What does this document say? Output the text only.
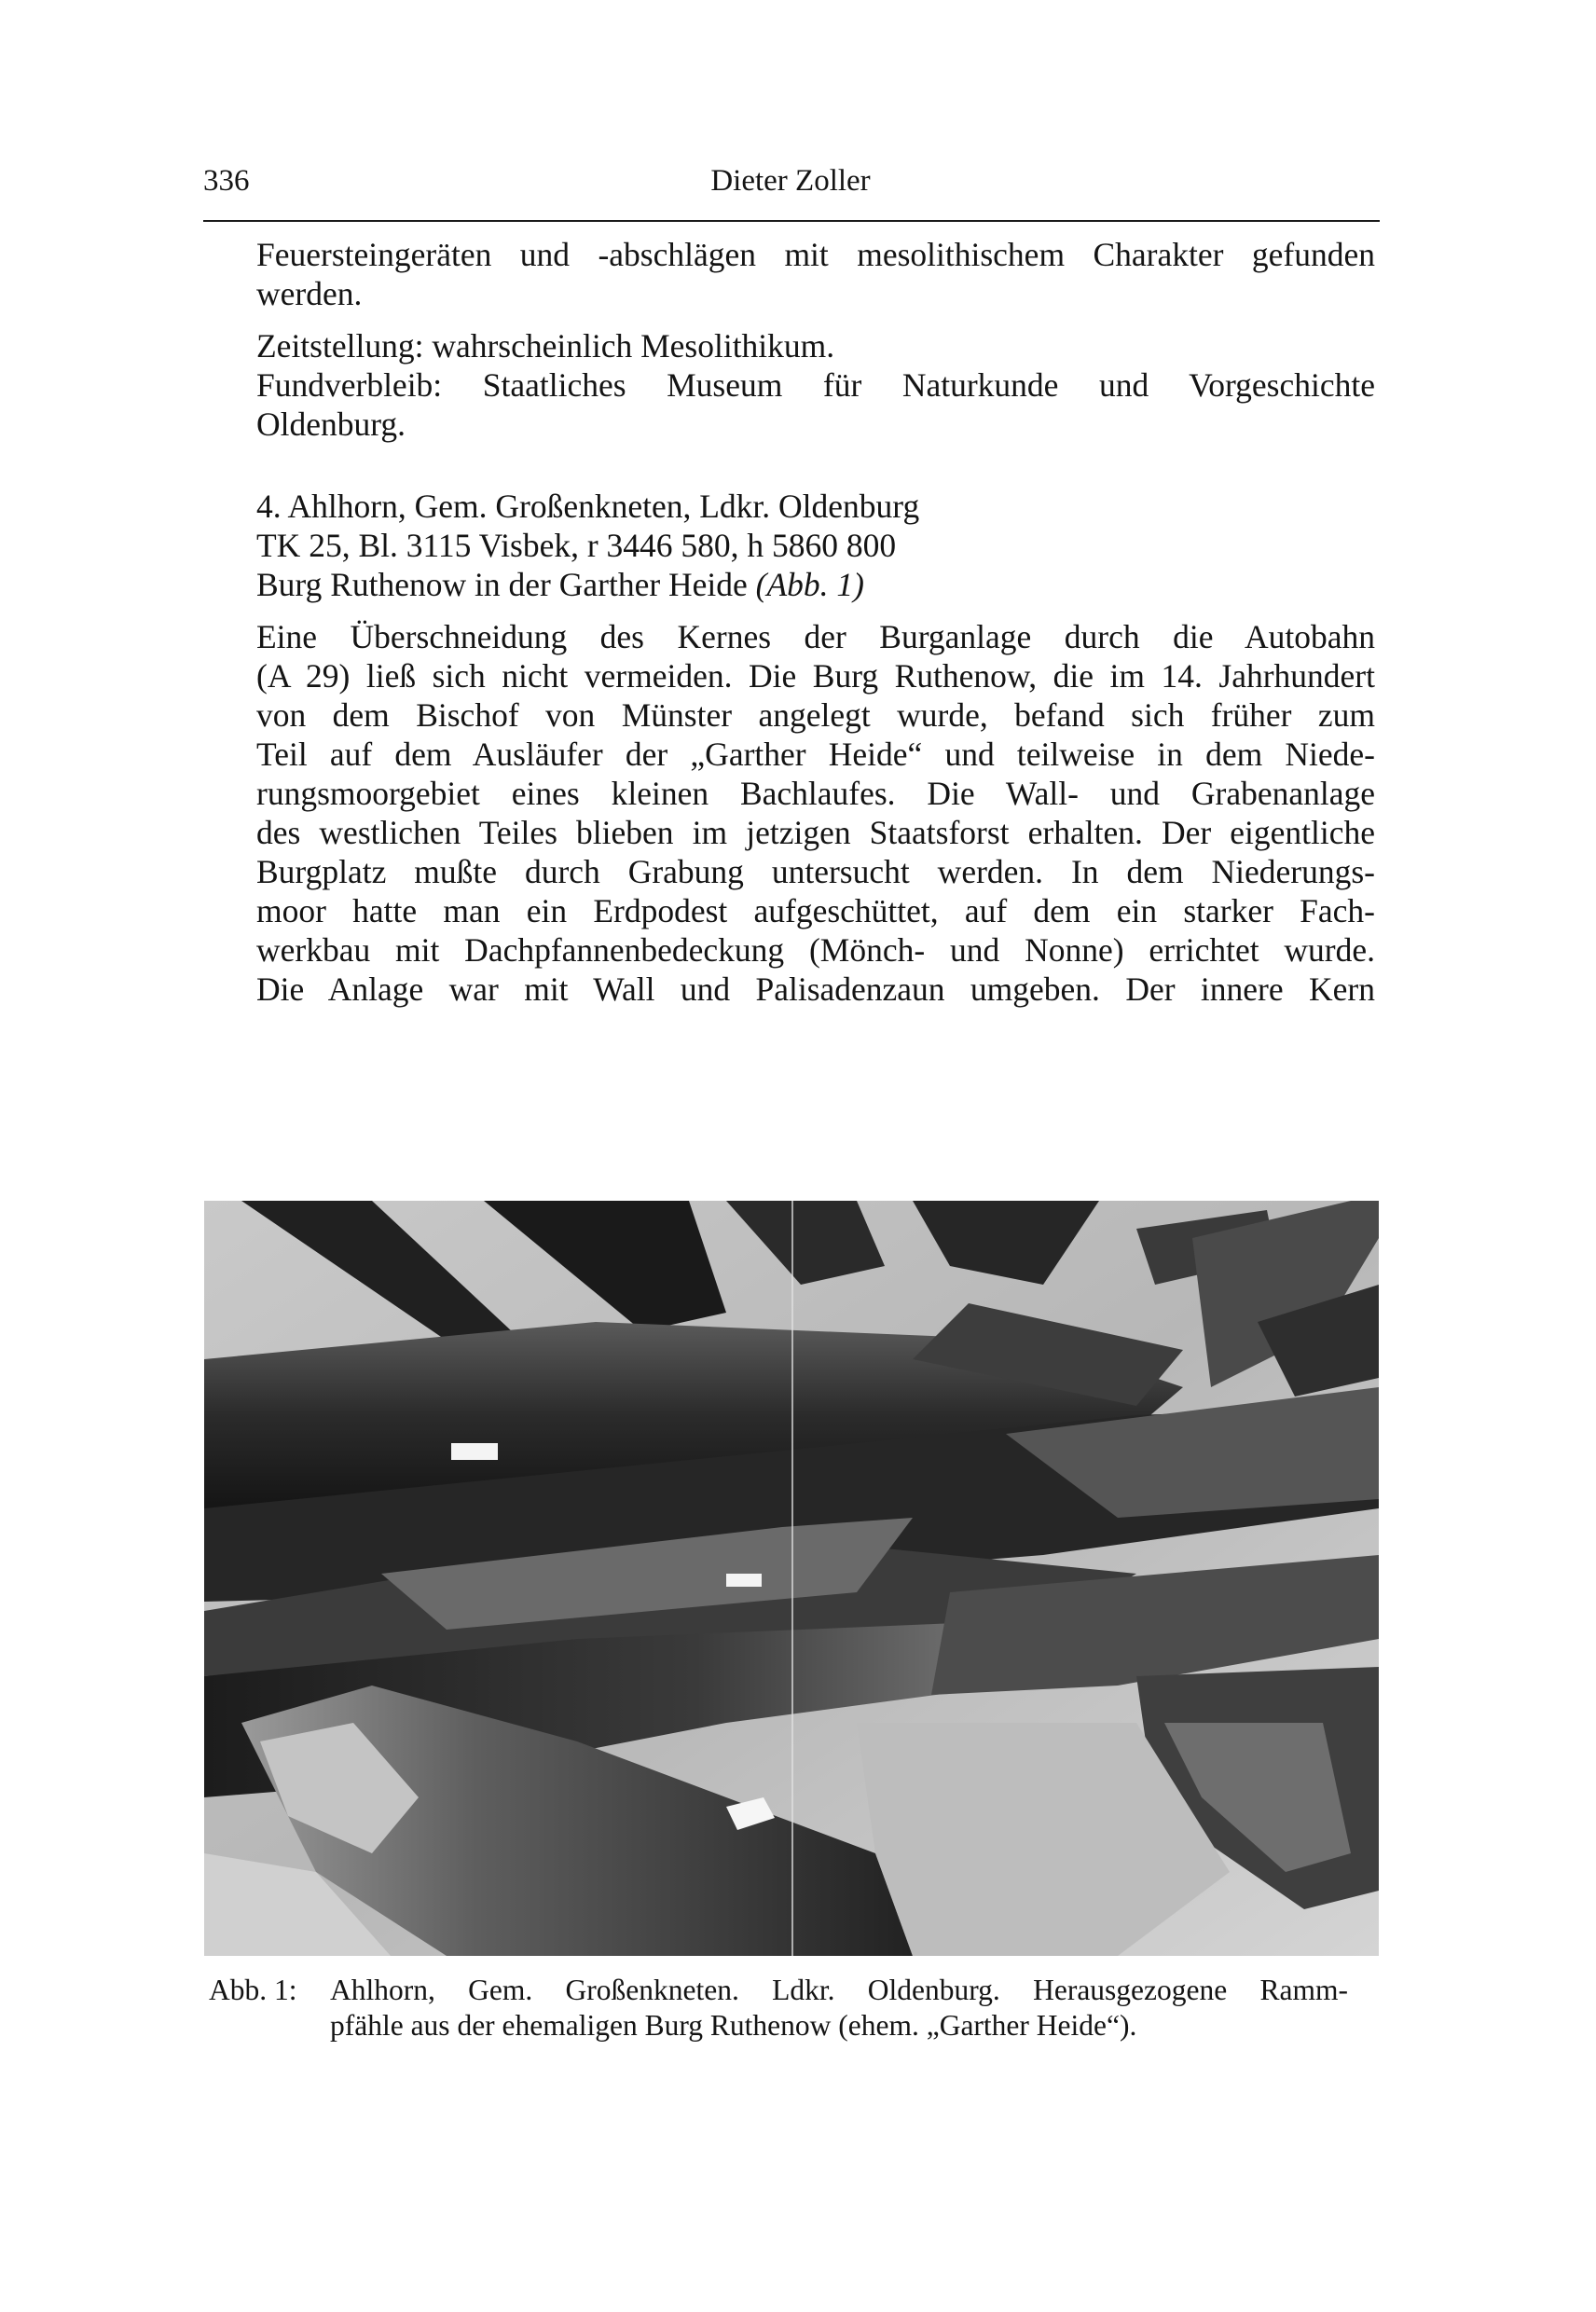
336	Dieter Zoller

Feuersteingeräten und -abschlägen mit mesolithischem Charakter gefunden
werden.

Zeitstellung: wahrscheinlich Mesolithikum.
Fundverbleib: Staatliches Museum für Naturkunde und Vorgeschichte
Oldenburg.

4. Ahlhorn, Gem. Großenkneten, Ldkr. Oldenburg
TK 25, Bl. 3115 Visbek, r 3446 580, h 5860 800
Burg Ruthenow in der Garther Heide (Abb. 1)

Eine Überschneidung des Kernes der Burganlage durch die Autobahn
(A 29) ließ sich nicht vermeiden. Die Burg Ruthenow, die im 14. Jahrhundert
von dem Bischof von Münster angelegt wurde, befand sich früher zum
Teil auf dem Ausläufer der „Garther Heide“ und teilweise in dem Niede-
rungsmoorgebiet eines kleinen Bachlaufes. Die Wall- und Grabenanlage
des westlichen Teiles blieben im jetzigen Staatsforst erhalten. Der eigentliche
Burgplatz mußte durch Grabung untersucht werden. In dem Niederungs-
moor hatte man ein Erdpodest aufgeschüttet, auf dem ein starker Fach-
werkbau mit Dachpfannenbedeckung (Mönch- und Nonne) errichtet wurde.
Die Anlage war mit Wall und Palisadenzaun umgeben. Der innere Kern

Abb. 1: Ahlhorn, Gem. Großenkneten. Ldkr. Oldenburg. Herausgezogene Ramm-
pfähle aus der ehemaligen Burg Ruthenow (ehem. „Garther Heide“).
